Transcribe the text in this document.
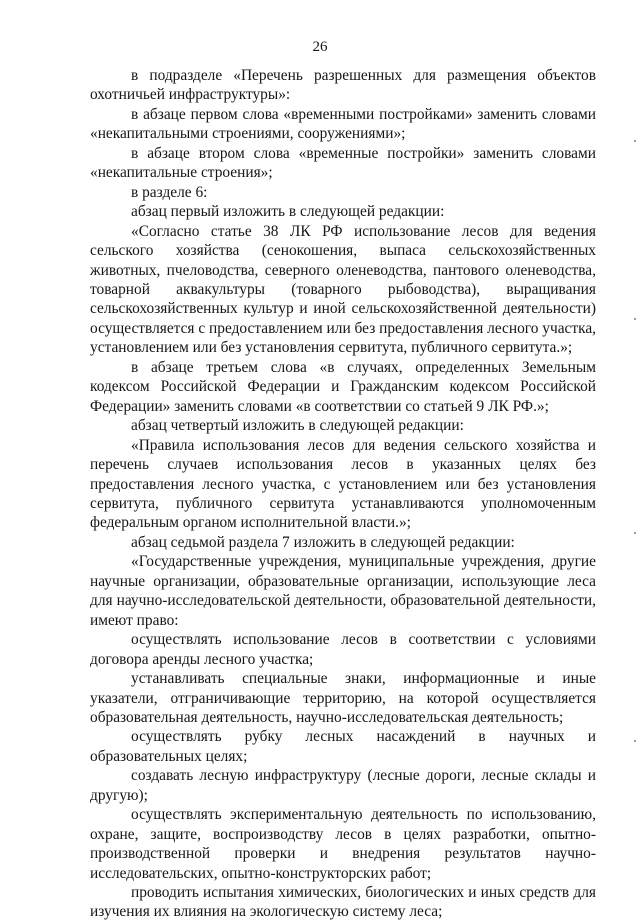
26

в подразделе «Перечень разрешенных для размещения объектов охотничьей инфраструктуры»:

в абзаце первом слова «временными постройками» заменить словами «некапитальными строениями, сооружениями»;

в абзаце втором слова «временные постройки» заменить словами «некапитальные строения»;

в разделе 6:

абзац первый изложить в следующей редакции:

«Согласно статье 38 ЛК РФ использование лесов для ведения сельского хозяйства (сенокошения, выпаса сельскохозяйственных животных, пчеловодства, северного оленеводства, пантового оленеводства, товарной аквакультуры (товарного рыбоводства), выращивания сельскохозяйственных культур и иной сельскохозяйственной деятельности) осуществляется с предоставлением или без предоставления лесного участка, установлением или без установления сервитута, публичного сервитута.»;

в абзаце третьем слова «в случаях, определенных Земельным кодексом Российской Федерации и Гражданским кодексом Российской Федерации» заменить словами «в соответствии со статьей 9 ЛК РФ.»;

абзац четвертый изложить в следующей редакции:

«Правила использования лесов для ведения сельского хозяйства и перечень случаев использования лесов в указанных целях без предоставления лесного участка, с установлением или без установления сервитута, публичного сервитута устанавливаются уполномоченным федеральным органом исполнительной власти.»;

абзац седьмой раздела 7 изложить в следующей редакции:

«Государственные учреждения, муниципальные учреждения, другие научные организации, образовательные организации, использующие леса для научно-исследовательской деятельности, образовательной деятельности, имеют право:

осуществлять использование лесов в соответствии с условиями договора аренды лесного участка;

устанавливать специальные знаки, информационные и иные указатели, отграничивающие территорию, на которой осуществляется образовательная деятельность, научно-исследовательская деятельность;

осуществлять рубку лесных насаждений в научных и образовательных целях;

создавать лесную инфраструктуру (лесные дороги, лесные склады и другую);

осуществлять экспериментальную деятельность по использованию, охране, защите, воспроизводству лесов в целях разработки, опытно-производственной проверки и внедрения результатов научно-исследовательских, опытно-конструкторских работ;

проводить испытания химических, биологических и иных средств для изучения их влияния на экологическую систему леса;
